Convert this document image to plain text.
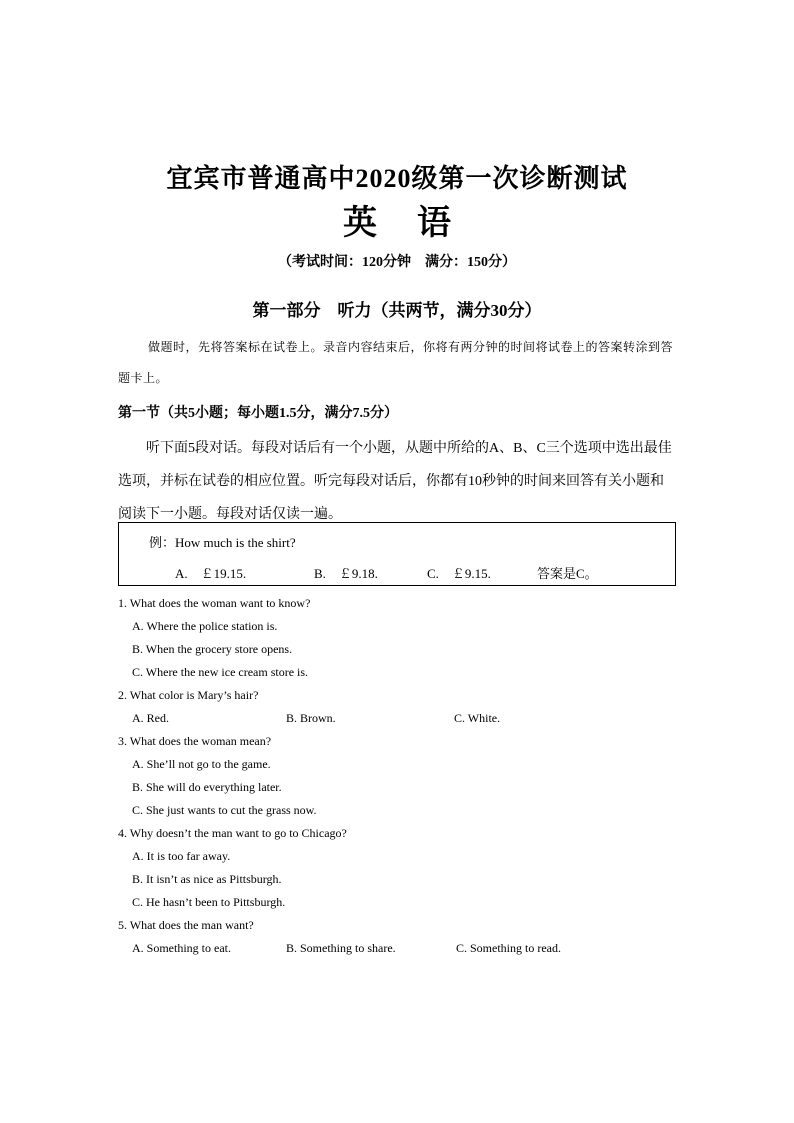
宜宾市普通高中2020级第一次诊断测试
英语
（考试时间：120分钟　满分：150分）
第一部分　听力（共两节，满分30分）
做题时，先将答案标在试卷上。录音内容结束后，你将有两分钟的时间将试卷上的答案转涂到答题卡上。
第一节（共5小题；每小题1.5分，满分7.5分）
听下面5段对话。每段对话后有一个小题，从题中所给的A、B、C三个选项中选出最佳选项，并标在试卷的相应位置。听完每段对话后，你都有10秒钟的时间来回答有关小题和阅读下一小题。每段对话仅读一遍。
例：How much is the shirt?
A.　￡19.15.	B.　￡9.18.	C.　￡9.15.	答案是C。
1. What does the woman want to know?
A. Where the police station is.
B. When the grocery store opens.
C. Where the new ice cream store is.
2. What color is Mary’s hair?
A. Red.	B. Brown.	C. White.
3. What does the woman mean?
A. She’ll not go to the game.
B. She will do everything later.
C. She just wants to cut the grass now.
4. Why doesn’t the man want to go to Chicago?
A. It is too far away.
B. It isn’t as nice as Pittsburgh.
C. He hasn’t been to Pittsburgh.
5. What does the man want?
A. Something to eat.	B. Something to share.	C. Something to read.
